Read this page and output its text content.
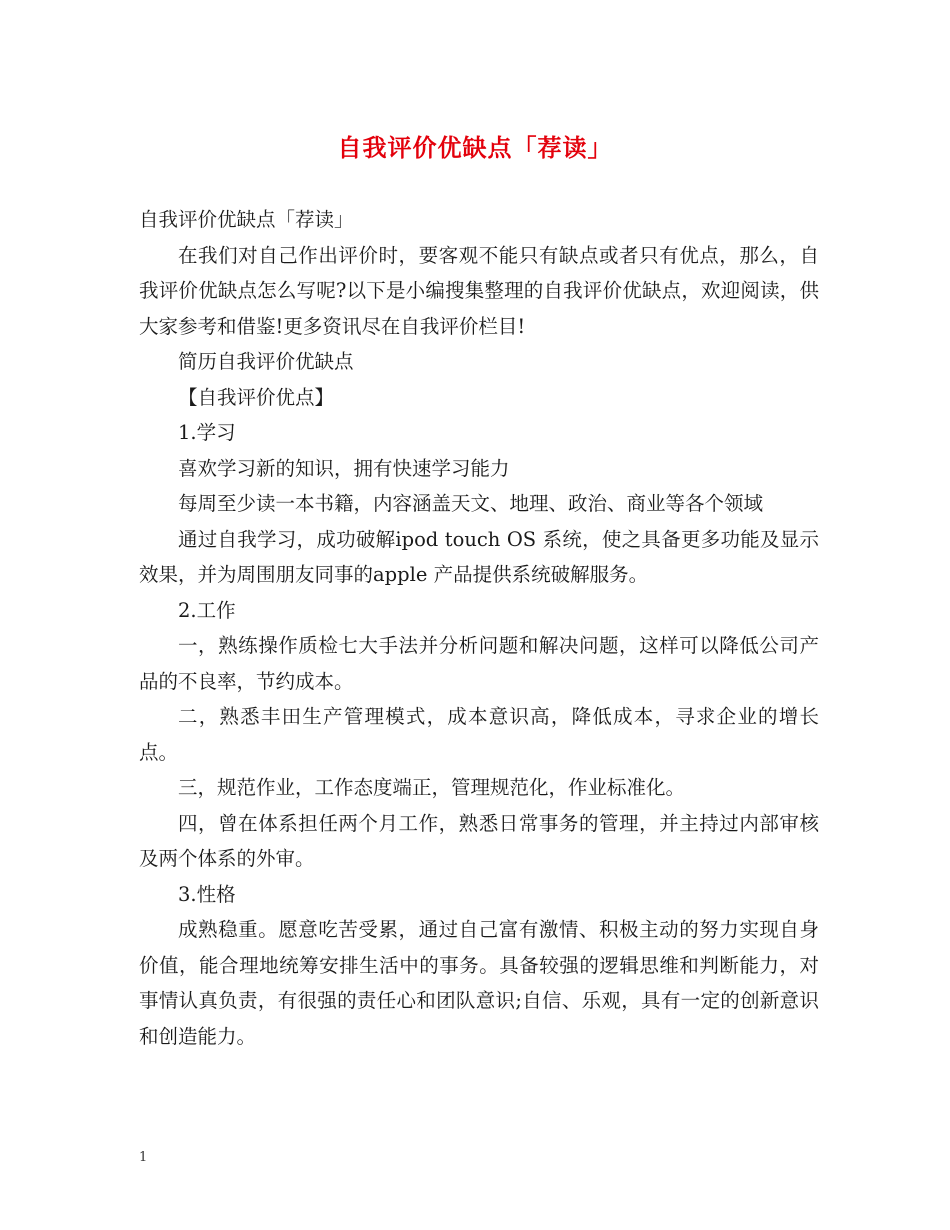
自我评价优缺点「荐读」

自我评价优缺点「荐读」

在我们对自己作出评价时，要客观不能只有缺点或者只有优点，那么，自我评价优缺点怎么写呢?以下是小编搜集整理的自我评价优缺点，欢迎阅读，供大家参考和借鉴!更多资讯尽在自我评价栏目!

简历自我评价优缺点

【自我评价优点】

1.学习

喜欢学习新的知识，拥有快速学习能力

每周至少读一本书籍，内容涵盖天文、地理、政治、商业等各个领域

通过自我学习，成功破解ipod touch OS 系统，使之具备更多功能及显示效果，并为周围朋友同事的apple 产品提供系统破解服务。

2.工作

一，熟练操作质检七大手法并分析问题和解决问题，这样可以降低公司产品的不良率，节约成本。

二，熟悉丰田生产管理模式，成本意识高，降低成本，寻求企业的增长点。

三，规范作业，工作态度端正，管理规范化，作业标准化。

四，曾在体系担任两个月工作，熟悉日常事务的管理，并主持过内部审核及两个体系的外审。

3.性格

成熟稳重。愿意吃苦受累，通过自己富有激情、积极主动的努力实现自身价值，能合理地统筹安排生活中的事务。具备较强的逻辑思维和判断能力，对事情认真负责，有很强的责任心和团队意识;自信、乐观，具有一定的创新意识和创造能力。

1
